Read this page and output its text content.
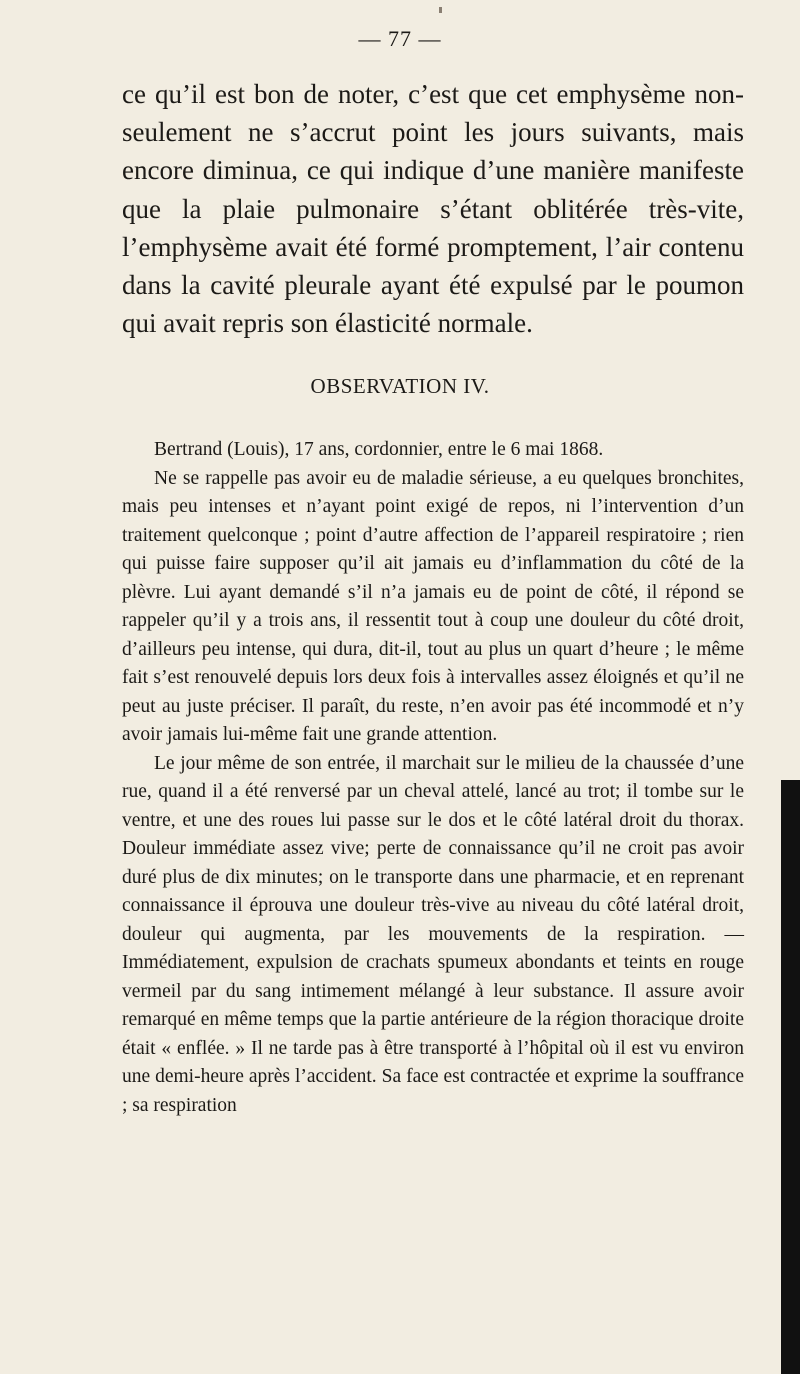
— 77 —

ce qu’il est bon de noter, c’est que cet emphysème non-seulement ne s’accrut point les jours suivants, mais encore diminua, ce qui indique d’une manière manifeste que la plaie pulmonaire s’étant oblitérée très-vite, l’emphysème avait été formé promptement, l’air contenu dans la cavité pleurale ayant été expulsé par le poumon qui avait repris son élasticité normale.

OBSERVATION IV.

Bertrand (Louis), 17 ans, cordonnier, entre le 6 mai 1868.

Ne se rappelle pas avoir eu de maladie sérieuse, a eu quelques bronchites, mais peu intenses et n’ayant point exigé de repos, ni l’intervention d’un traitement quelconque ; point d’autre affection de l’appareil respiratoire ; rien qui puisse faire supposer qu’il ait jamais eu d’inflammation du côté de la plèvre. Lui ayant demandé s’il n’a jamais eu de point de côté, il répond se rappeler qu’il y a trois ans, il ressentit tout à coup une douleur du côté droit, d’ailleurs peu intense, qui dura, dit-il, tout au plus un quart d’heure ; le même fait s’est renouvelé depuis lors deux fois à intervalles assez éloignés et qu’il ne peut au juste préciser. Il paraît, du reste, n’en avoir pas été incommodé et n’y avoir jamais lui-même fait une grande attention.

Le jour même de son entrée, il marchait sur le milieu de la chaussée d’une rue, quand il a été renversé par un cheval attelé, lancé au trot; il tombe sur le ventre, et une des roues lui passe sur le dos et le côté latéral droit du thorax. Douleur immédiate assez vive; perte de connaissance qu’il ne croit pas avoir duré plus de dix minutes; on le transporte dans une pharmacie, et en reprenant connaissance il éprouva une douleur très-vive au niveau du côté latéral droit, douleur qui augmenta, par les mouvements de la respiration. — Immédiatement, expulsion de crachats spumeux abondants et teints en rouge vermeil par du sang intimement mélangé à leur substance. Il assure avoir remarqué en même temps que la partie antérieure de la région thoracique droite était « enflée. » Il ne tarde pas à être transporté à l’hôpital où il est vu environ une demi-heure après l’accident. Sa face est contractée et exprime la souffrance ; sa respiration
